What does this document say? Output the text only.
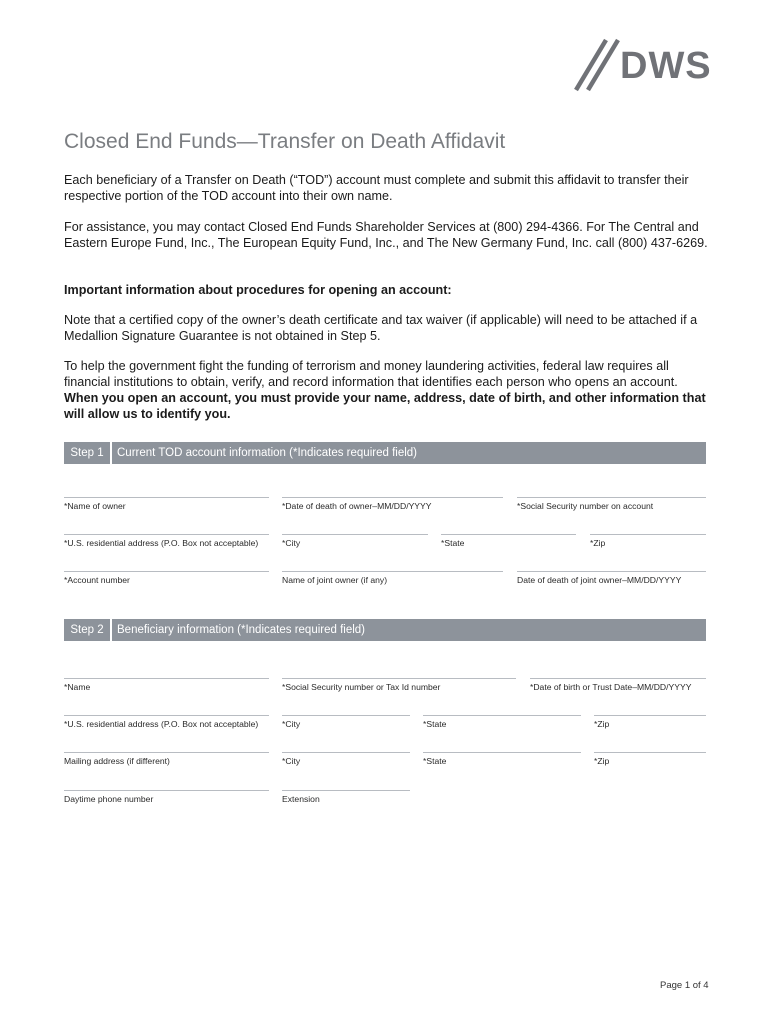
DWS
Closed End Funds—Transfer on Death Affidavit
Each beneficiary of a Transfer on Death (“TOD”) account must complete and submit this affidavit to transfer their respective portion of the TOD account into their own name.
For assistance, you may contact Closed End Funds Shareholder Services at (800) 294-4366. For The Central and Eastern Europe Fund, Inc., The European Equity Fund, Inc., and The New Germany Fund, Inc. call (800) 437-6269.
Important information about procedures for opening an account:
Note that a certified copy of the owner’s death certificate and tax waiver (if applicable) will need to be attached if a Medallion Signature Guarantee is not obtained in Step 5.
To help the government fight the funding of terrorism and money laundering activities, federal law requires all financial institutions to obtain, verify, and record information that identifies each person who opens an account. When you open an account, you must provide your name, address, date of birth, and other information that will allow us to identify you.
Step 1	Current TOD account information (*Indicates required field)
*Name of owner	*Date of death of owner–MM/DD/YYYY	*Social Security number on account
*U.S. residential address (P.O. Box not acceptable)	*City	*State	*Zip
*Account number	Name of joint owner (if any)	Date of death of joint owner–MM/DD/YYYY
Step 2	Beneficiary information (*Indicates required field)
*Name	*Social Security number or Tax Id number	*Date of birth or Trust Date–MM/DD/YYYY
*U.S. residential address (P.O. Box not acceptable)	*City	*State	*Zip
Mailing address (if different)	*City	*State	*Zip
Daytime phone number	Extension
Page 1 of 4
